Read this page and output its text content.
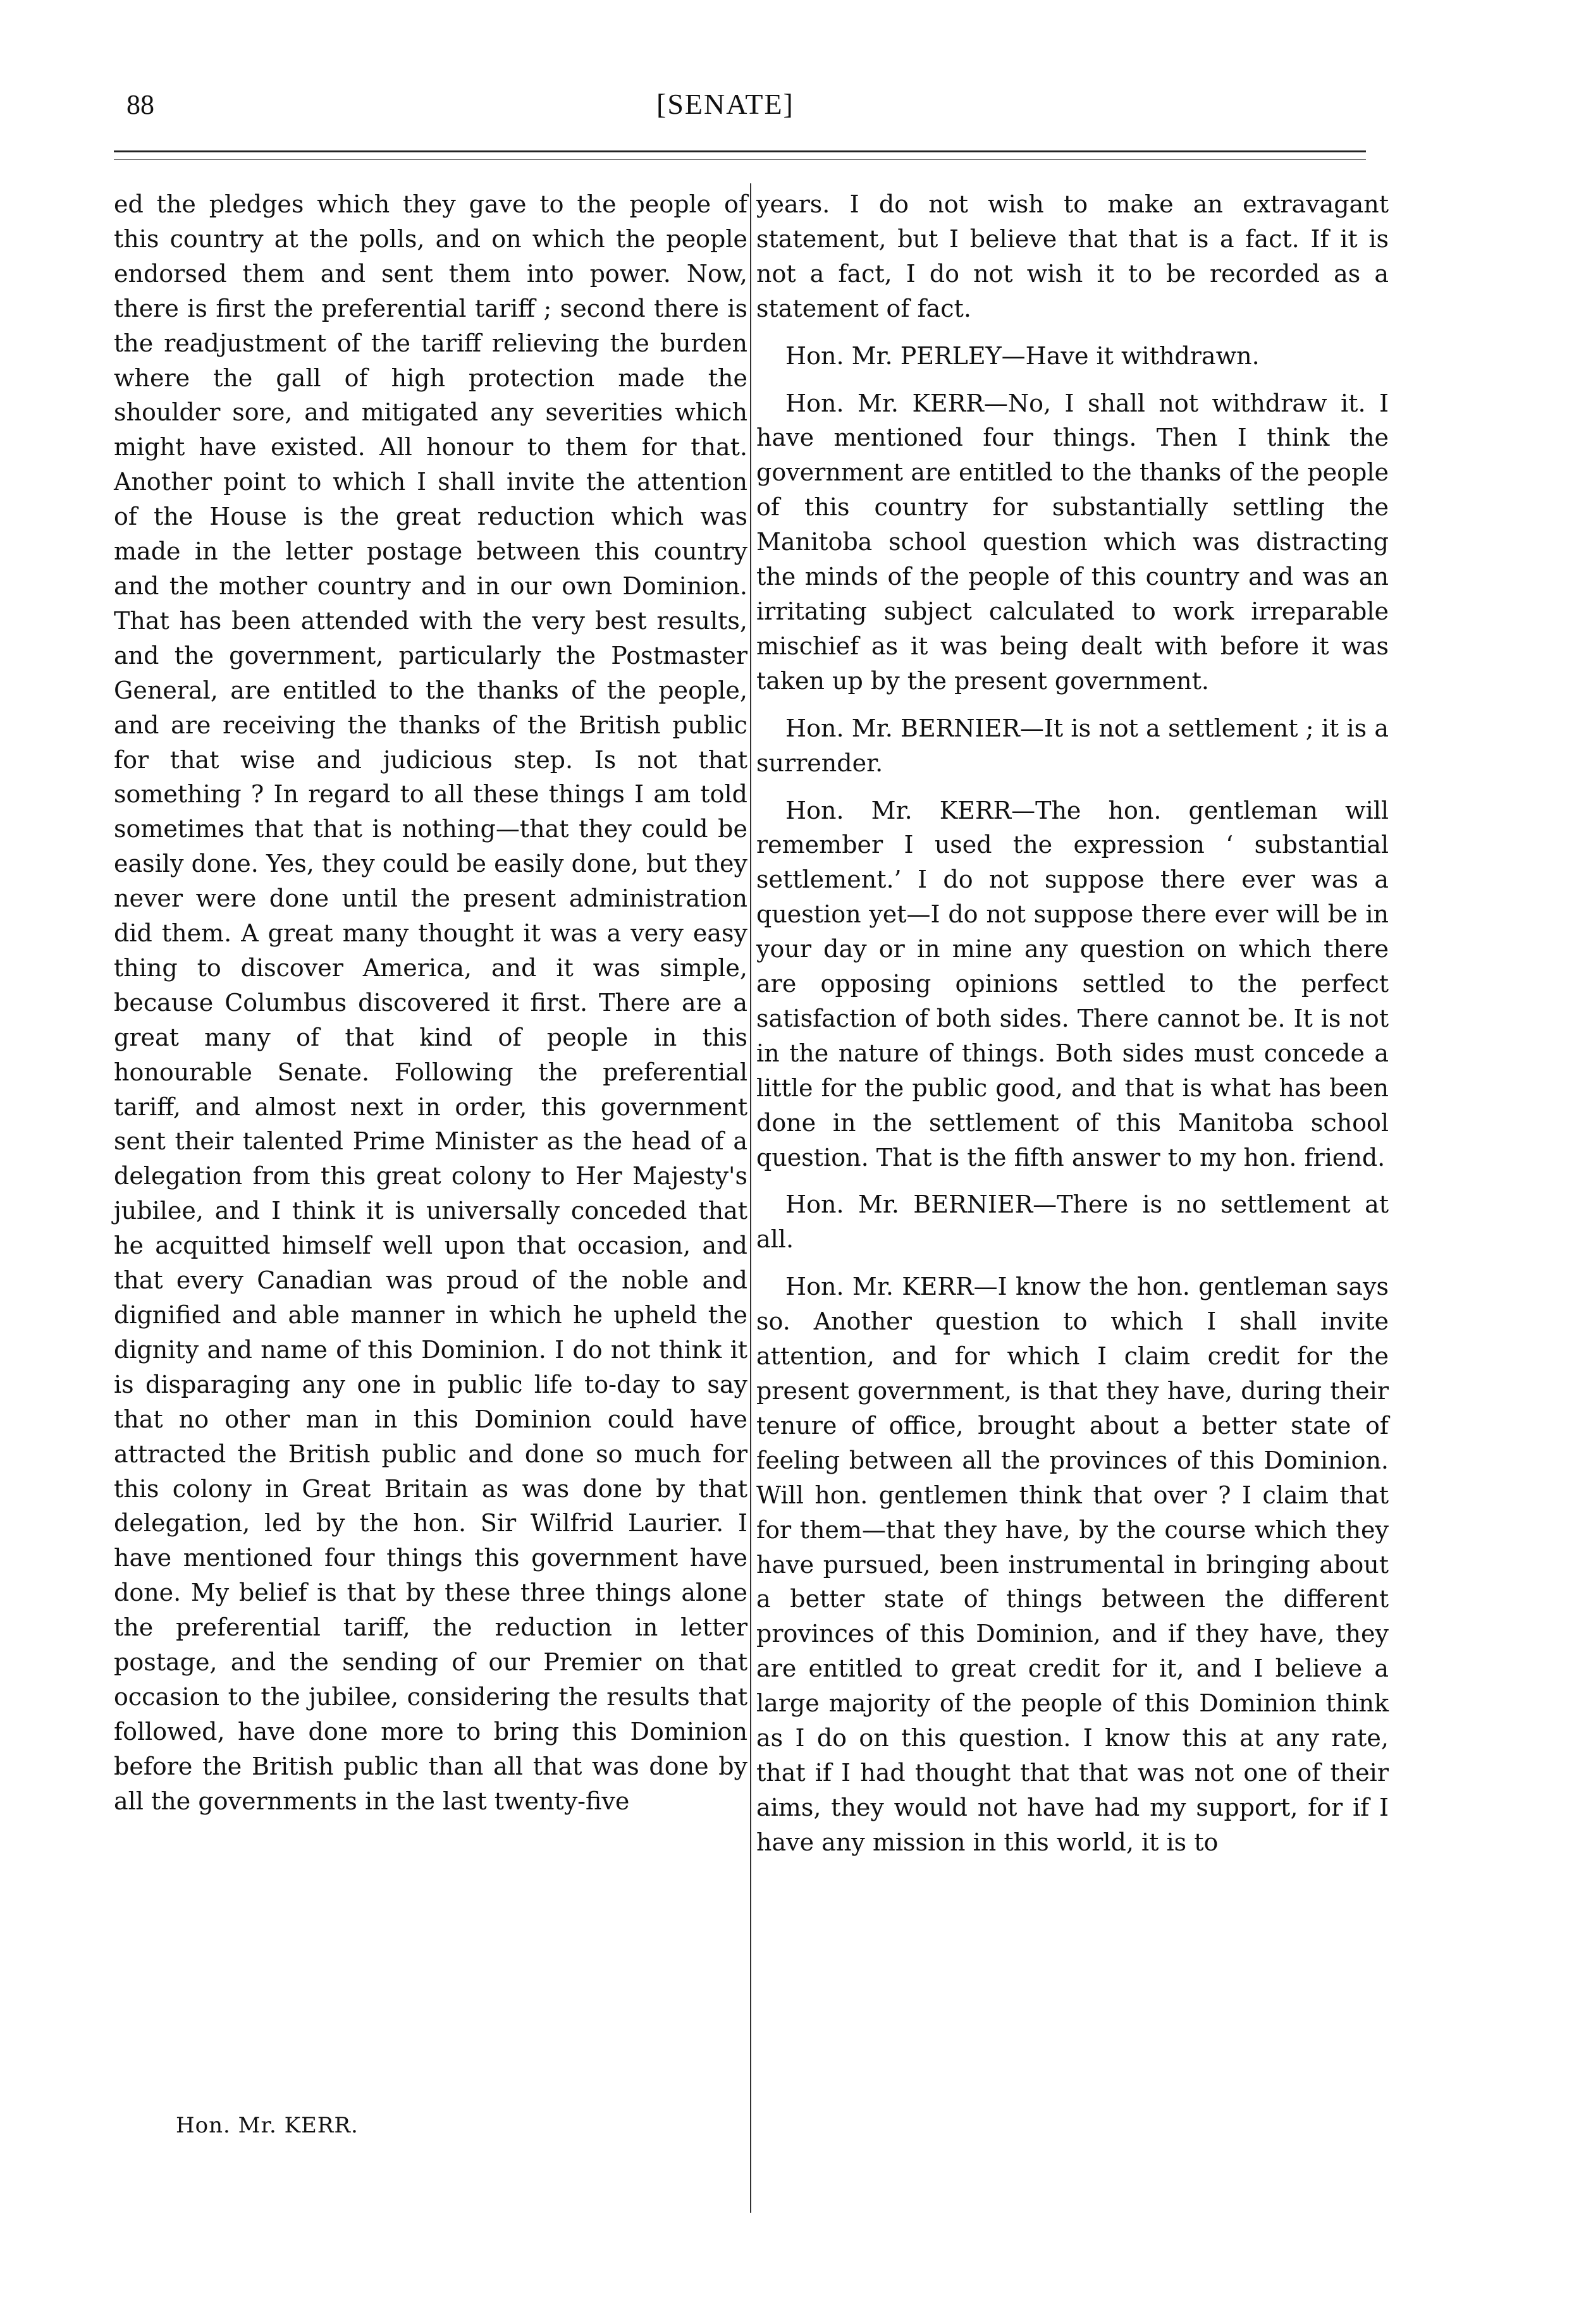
88	[SENATE]

ed the pledges which they gave to the people of this country at the polls, and on which the people endorsed them and sent them into power. Now, there is first the preferential tariff ; second there is the readjustment of the tariff relieving the burden where the gall of high protection made the shoulder sore, and mitigated any severities which might have existed. All honour to them for that. Another point to which I shall invite the attention of the House is the great reduction which was made in the letter postage between this country and the mother country and in our own Dominion. That has been attended with the very best results, and the government, particularly the Postmaster General, are entitled to the thanks of the people, and are receiving the thanks of the British public for that wise and judicious step. Is not that something ? In regard to all these things I am told sometimes that that is nothing—that they could be easily done. Yes, they could be easily done, but they never were done until the present administration did them. A great many thought it was a very easy thing to discover America, and it was simple, because Columbus discovered it first. There are a great many of that kind of people in this honourable Senate. Following the preferential tariff, and almost next in order, this government sent their talented Prime Minister as the head of a delegation from this great colony to Her Majesty's jubilee, and I think it is universally conceded that he acquitted himself well upon that occasion, and that every Canadian was proud of the noble and dignified and able manner in which he upheld the dignity and name of this Dominion. I do not think it is disparaging any one in public life to-day to say that no other man in this Dominion could have attracted the British public and done so much for this colony in Great Britain as was done by that delegation, led by the hon. Sir Wilfrid Laurier. I have mentioned four things this government have done. My belief is that by these three things alone the preferential tariff, the reduction in letter postage, and the sending of our Premier on that occasion to the jubilee, considering the results that followed, have done more to bring this Dominion before the British public than all that was done by all the governments in the last twenty-five

years. I do not wish to make an extravagant statement, but I believe that that is a fact. If it is not a fact, I do not wish it to be recorded as a statement of fact.

Hon. Mr. PERLEY—Have it withdrawn.

Hon. Mr. KERR—No, I shall not withdraw it. I have mentioned four things. Then I think the government are entitled to the thanks of the people of this country for substantially settling the Manitoba school question which was distracting the minds of the people of this country and was an irritating subject calculated to work irreparable mischief as it was being dealt with before it was taken up by the present government.

Hon. Mr. BERNIER—It is not a settlement ; it is a surrender.

Hon. Mr. KERR—The hon. gentleman will remember I used the expression ‘ substantial settlement.’ I do not suppose there ever was a question yet—I do not suppose there ever will be in your day or in mine any question on which there are opposing opinions settled to the perfect satisfaction of both sides. There cannot be. It is not in the nature of things. Both sides must concede a little for the public good, and that is what has been done in the settlement of this Manitoba school question. That is the fifth answer to my hon. friend.

Hon. Mr. BERNIER—There is no settlement at all.

Hon. Mr. KERR—I know the hon. gentleman says so. Another question to which I shall invite attention, and for which I claim credit for the present government, is that they have, during their tenure of office, brought about a better state of feeling between all the provinces of this Dominion. Will hon. gentlemen think that over ? I claim that for them—that they have, by the course which they have pursued, been instrumental in bringing about a better state of things between the different provinces of this Dominion, and if they have, they are entitled to great credit for it, and I believe a large majority of the people of this Dominion think as I do on this question. I know this at any rate, that if I had thought that that was not one of their aims, they would not have had my support, for if I have any mission in this world, it is to

Hon. Mr. KERR.
